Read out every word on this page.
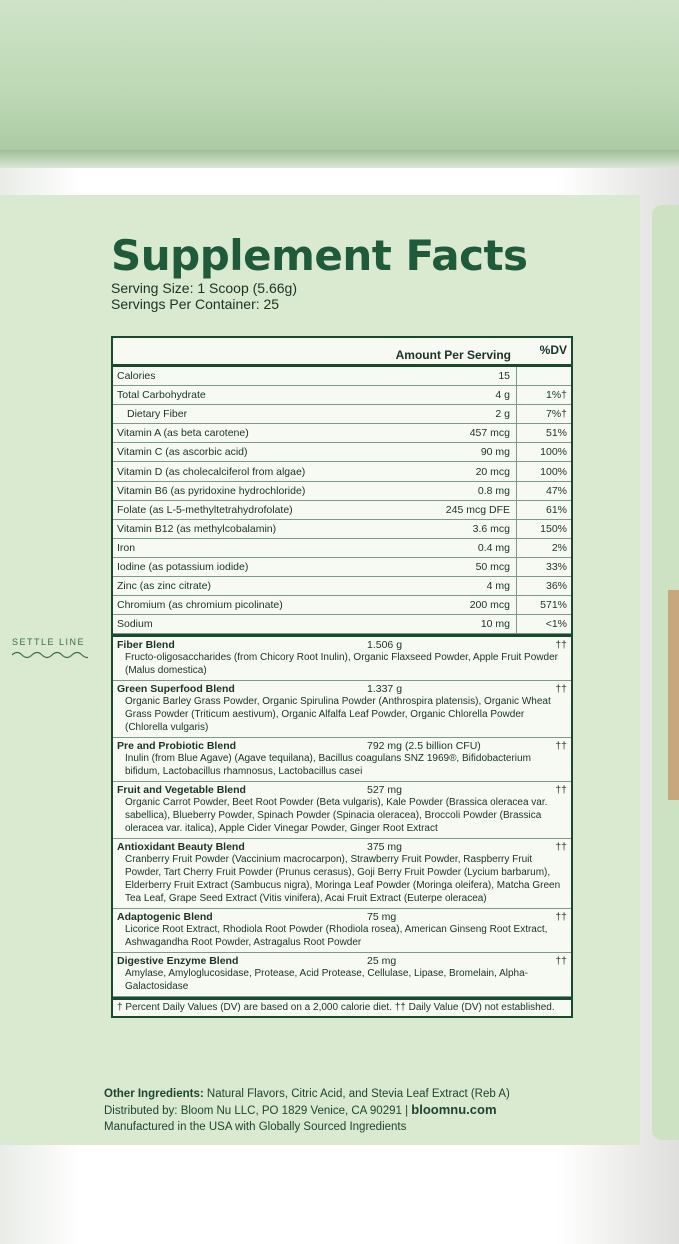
SETTLE LINE
Supplement Facts
Serving Size: 1 Scoop (5.66g)
Servings Per Container: 25
Amount Per Serving	%DV
Calories	15
Total Carbohydrate	4 g	1%†
Dietary Fiber	2 g	7%†
Vitamin A (as beta carotene)	457 mcg	51%
Vitamin C (as ascorbic acid)	90 mg	100%
Vitamin D (as cholecalciferol from algae)	20 mcg	100%
Vitamin B6 (as pyridoxine hydrochloride)	0.8 mg	47%
Folate (as L-5-methyltetrahydrofolate)	245 mcg DFE	61%
Vitamin B12 (as methylcobalamin)	3.6 mcg	150%
Iron	0.4 mg	2%
Iodine (as potassium iodide)	50 mcg	33%
Zinc (as zinc citrate)	4 mg	36%
Chromium (as chromium picolinate)	200 mcg	571%
Sodium	10 mg	<1%
Fiber Blend	1.506 g	††
Fructo-oligosaccharides (from Chicory Root Inulin), Organic Flaxseed Powder, Apple Fruit Powder (Malus domestica)
Green Superfood Blend	1.337 g	††
Organic Barley Grass Powder, Organic Spirulina Powder (Anthrospira platensis), Organic Wheat Grass Powder (Triticum aestivum), Organic Alfalfa Leaf Powder, Organic Chlorella Powder (Chlorella vulgaris)
Pre and Probiotic Blend	792 mg (2.5 billion CFU)	††
Inulin (from Blue Agave) (Agave tequilana), Bacillus coagulans SNZ 1969®, Bifidobacterium bifidum, Lactobacillus rhamnosus, Lactobacillus casei
Fruit and Vegetable Blend	527 mg	††
Organic Carrot Powder, Beet Root Powder (Beta vulgaris), Kale Powder (Brassica oleracea var. sabellica), Blueberry Powder, Spinach Powder (Spinacia oleracea), Broccoli Powder (Brassica oleracea var. italica), Apple Cider Vinegar Powder, Ginger Root Extract
Antioxidant Beauty Blend	375 mg	††
Cranberry Fruit Powder (Vaccinium macrocarpon), Strawberry Fruit Powder, Raspberry Fruit Powder, Tart Cherry Fruit Powder (Prunus cerasus), Goji Berry Fruit Powder (Lycium barbarum), Elderberry Fruit Extract (Sambucus nigra), Moringa Leaf Powder (Moringa oleifera), Matcha Green Tea Leaf, Grape Seed Extract (Vitis vinifera), Acai Fruit Extract (Euterpe oleracea)
Adaptogenic Blend	75 mg	††
Licorice Root Extract, Rhodiola Root Powder (Rhodiola rosea), American Ginseng Root Extract, Ashwagandha Root Powder, Astragalus Root Powder
Digestive Enzyme Blend	25 mg	††
Amylase, Amyloglucosidase, Protease, Acid Protease, Cellulase, Lipase, Bromelain, Alpha-Galactosidase
† Percent Daily Values (DV) are based on a 2,000 calorie diet. †† Daily Value (DV) not established.
Other Ingredients: Natural Flavors, Citric Acid, and Stevia Leaf Extract (Reb A)
Distributed by: Bloom Nu LLC, PO 1829 Venice, CA 90291 | bloomnu.com
Manufactured in the USA with Globally Sourced Ingredients
